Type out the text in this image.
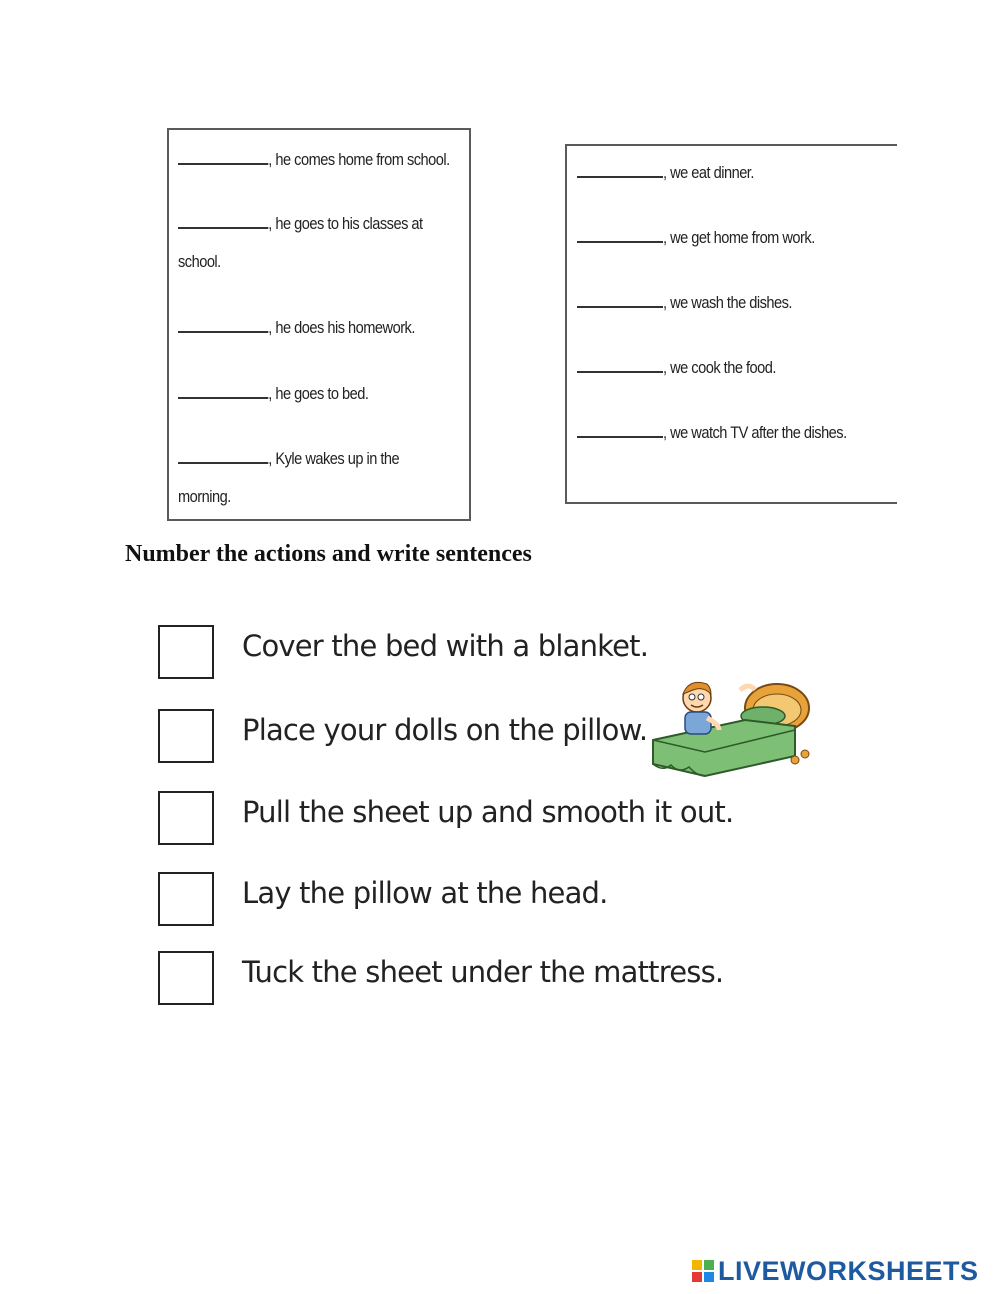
, he comes home from school.
, he goes to his classes at
school.
, he does his homework.
, he goes to bed.
, Kyle wakes up in the
morning.
, we eat dinner.
, we get home from work.
, we wash the dishes.
, we cook the food.
, we watch TV after the dishes.
Number the actions and write sentences
Cover the bed with a blanket.
Place your dolls on the pillow.
Pull the sheet up and smooth it out.
Lay the pillow at the head.
Tuck the sheet under the mattress.
LIVEWORKSHEETS
